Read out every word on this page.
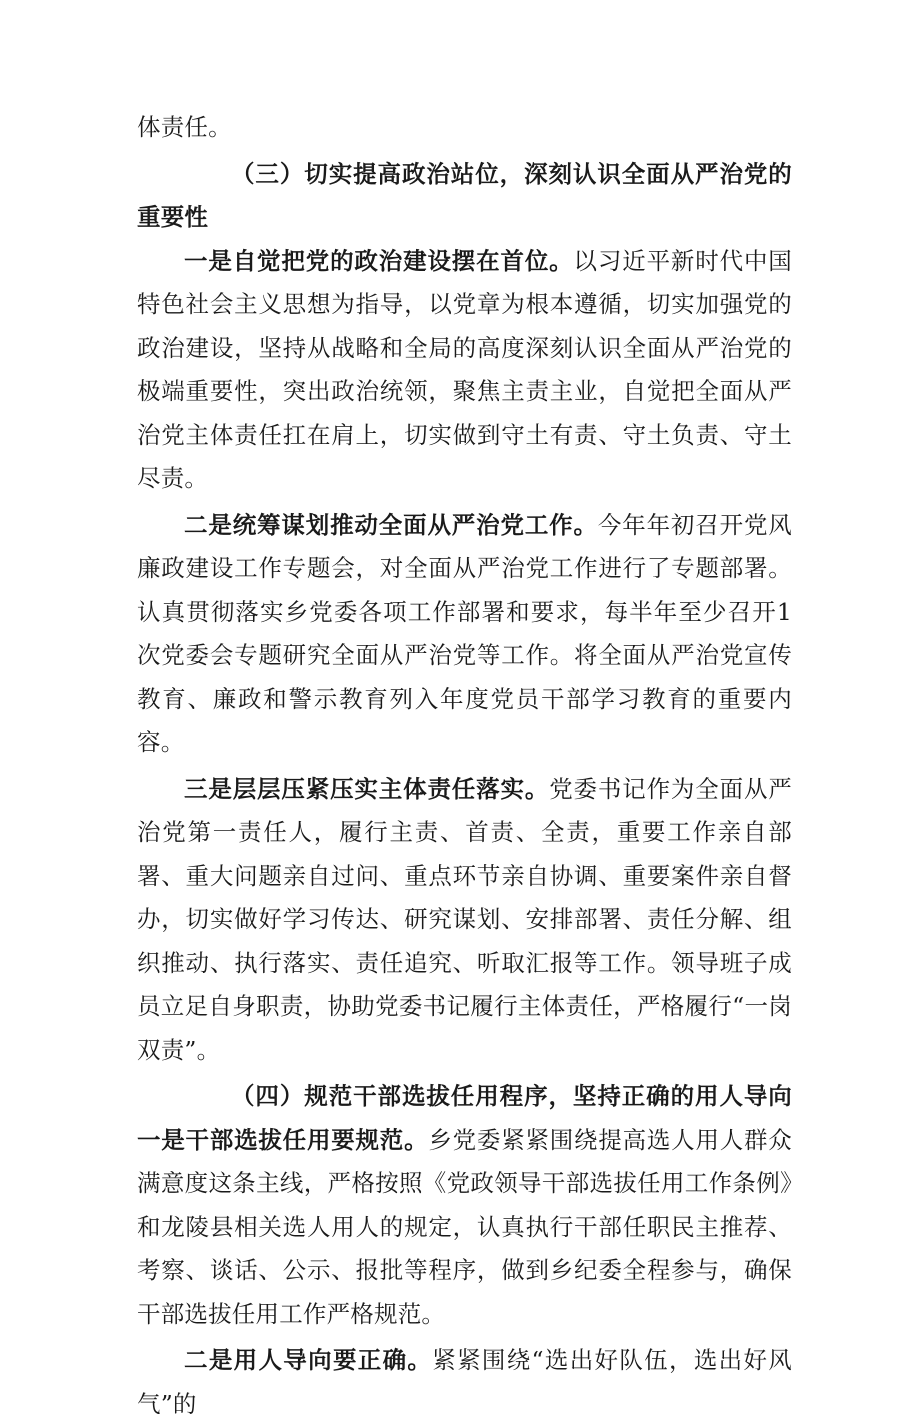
体责任。

（三）切实提高政治站位，深刻认识全面从严治党的重要性

一是自觉把党的政治建设摆在首位。以习近平新时代中国特色社会主义思想为指导，以党章为根本遵循，切实加强党的政治建设，坚持从战略和全局的高度深刻认识全面从严治党的极端重要性，突出政治统领，聚焦主责主业，自觉把全面从严治党主体责任扛在肩上，切实做到守土有责、守土负责、守土尽责。

二是统筹谋划推动全面从严治党工作。今年年初召开党风廉政建设工作专题会，对全面从严治党工作进行了专题部署。认真贯彻落实乡党委各项工作部署和要求，每半年至少召开1次党委会专题研究全面从严治党等工作。将全面从严治党宣传教育、廉政和警示教育列入年度党员干部学习教育的重要内容。

三是层层压紧压实主体责任落实。党委书记作为全面从严治党第一责任人，履行主责、首责、全责，重要工作亲自部署、重大问题亲自过问、重点环节亲自协调、重要案件亲自督办，切实做好学习传达、研究谋划、安排部署、责任分解、组织推动、执行落实、责任追究、听取汇报等工作。领导班子成员立足自身职责，协助党委书记履行主体责任，严格履行“一岗双责”。

（四）规范干部选拔任用程序，坚持正确的用人导向一是干部选拔任用要规范。乡党委紧紧围绕提高选人用人群众满意度这条主线，严格按照《党政领导干部选拔任用工作条例》和龙陵县相关选人用人的规定，认真执行干部任职民主推荐、考察、谈话、公示、报批等程序，做到乡纪委全程参与，确保干部选拔任用工作严格规范。

二是用人导向要正确。紧紧围绕“选出好队伍，选出好风气”的
